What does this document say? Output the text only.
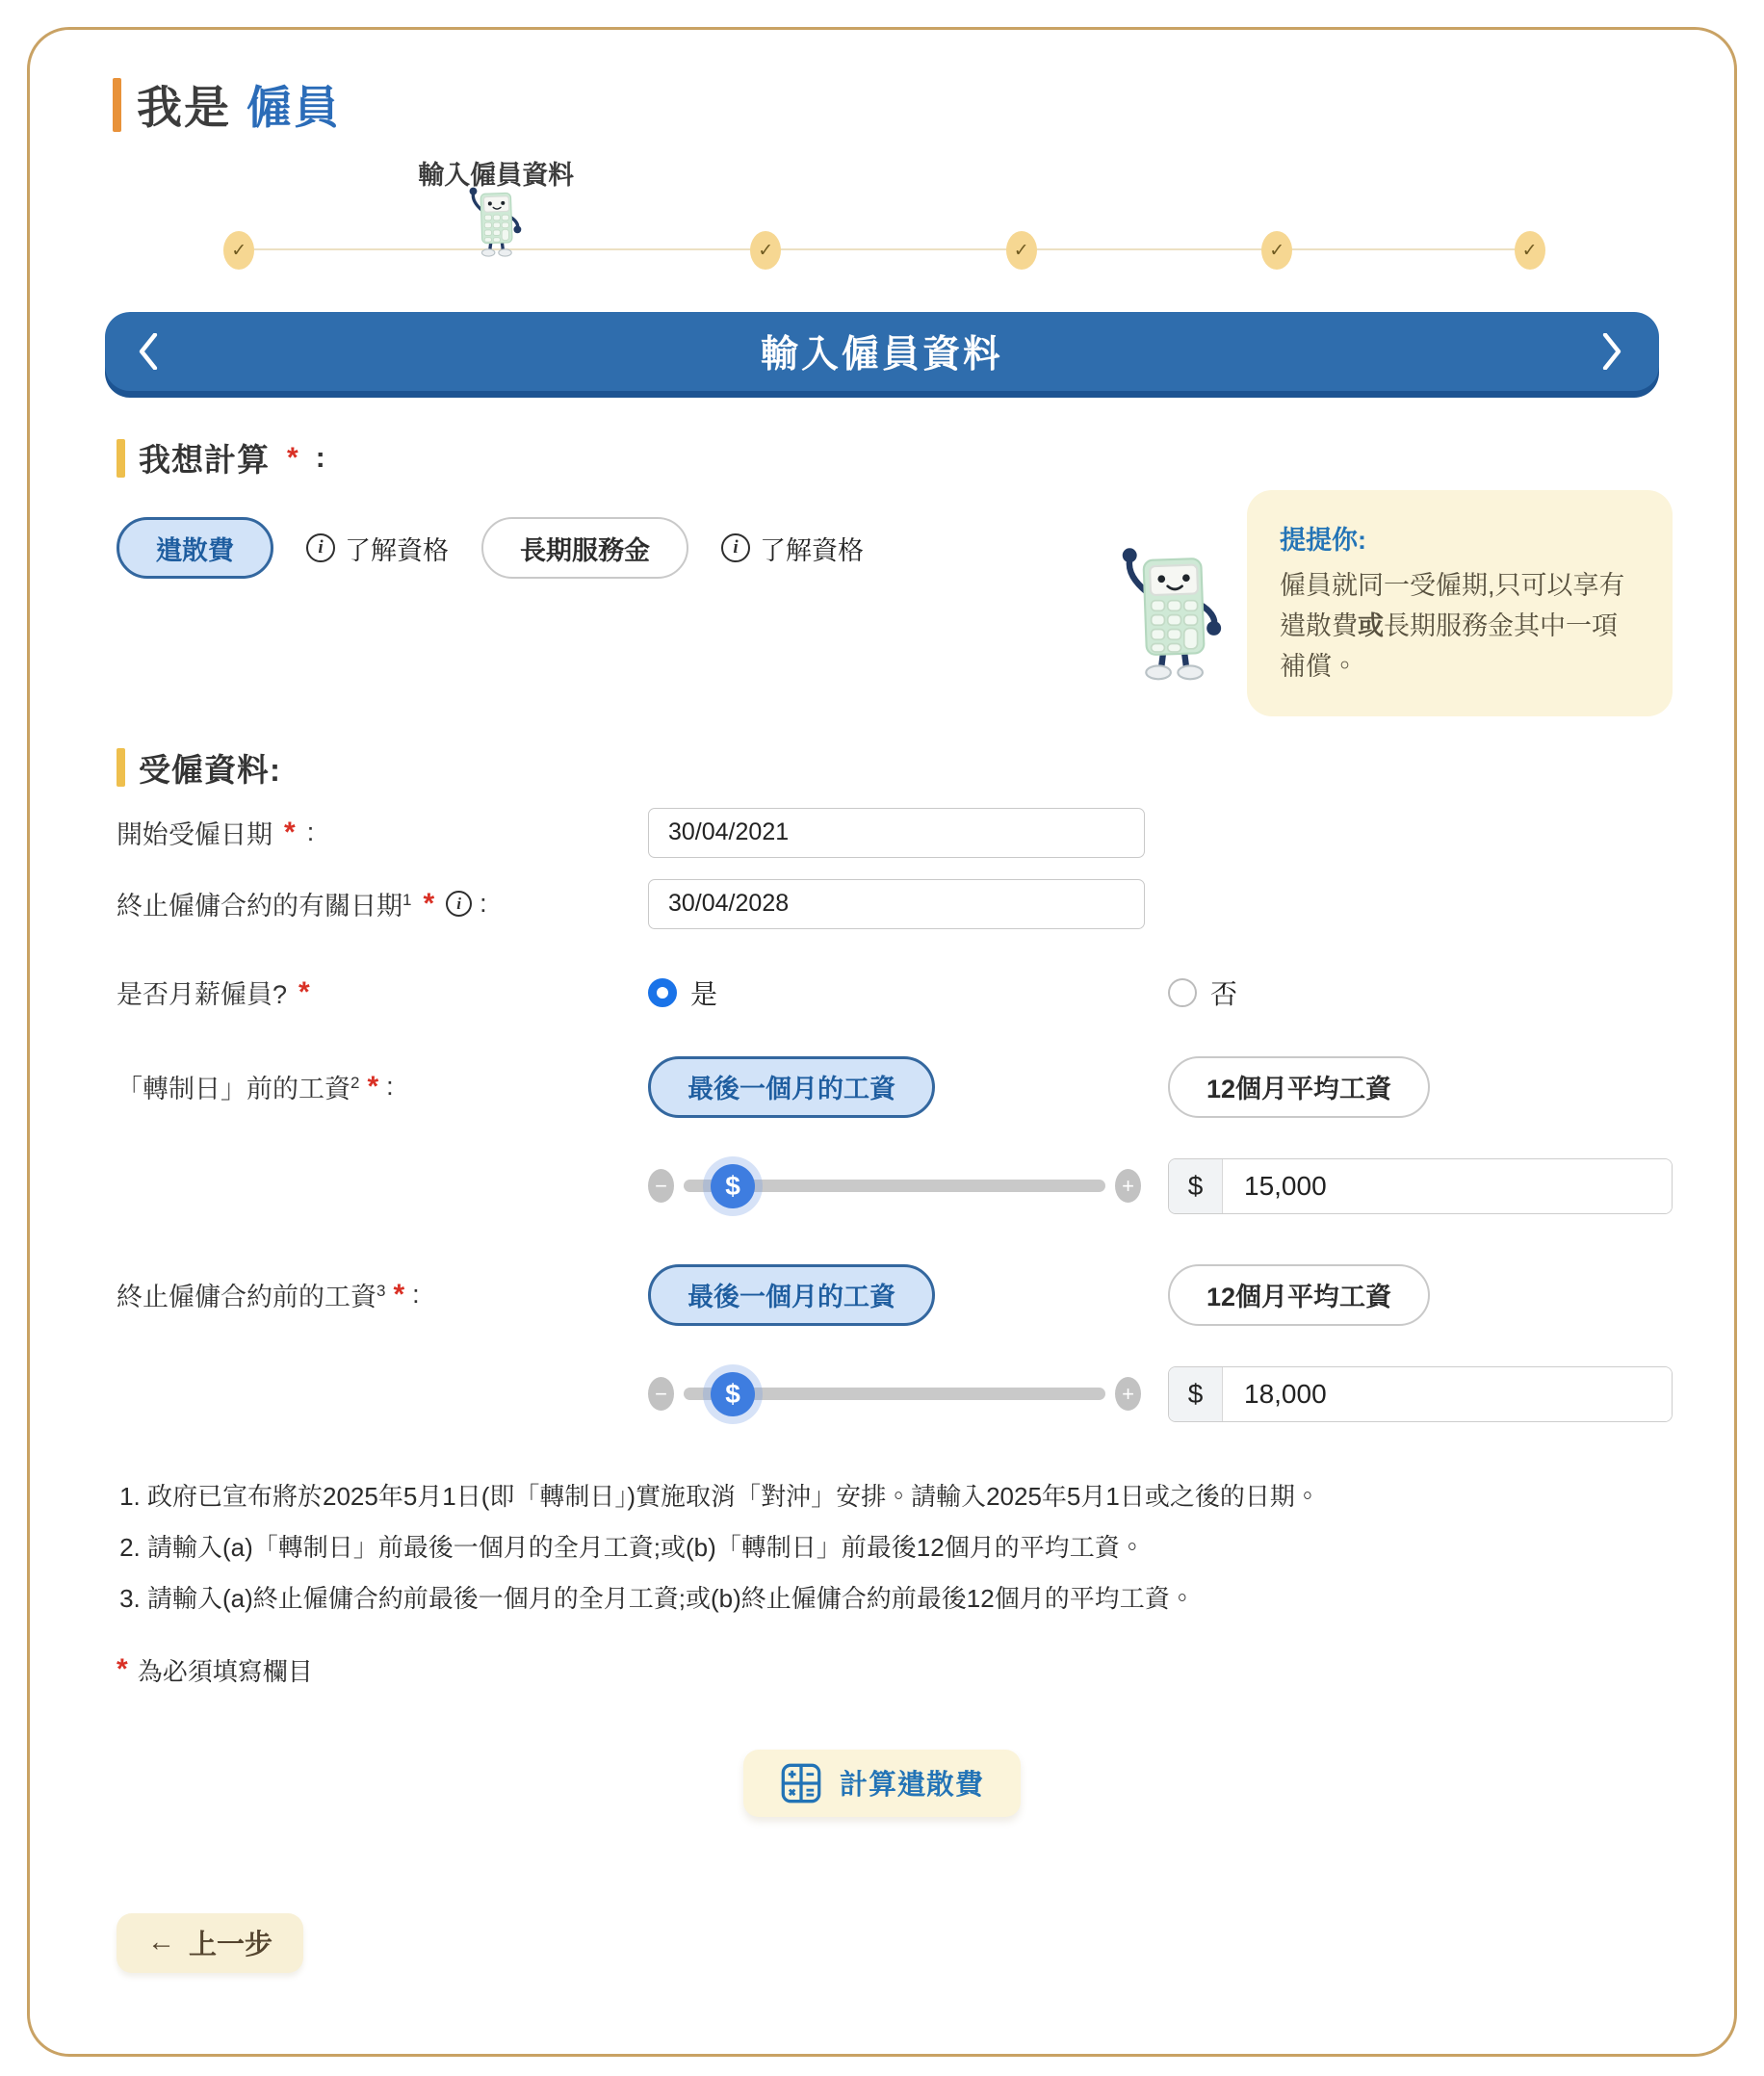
我是 僱員
輸入僱員資料
✓	✓	✓	✓	✓
輸入僱員資料
我想計算 * :
遣散費	i 了解資格	長期服務金	i 了解資格	提提你:
僱員就同一受僱期,只可以享有遣散費或長期服務金其中一項補償。
受僱資料:
開始受僱日期 * :
30/04/2021
終止僱傭合約的有關日期$^1$ *	i :
30/04/2028
是否月薪僱員? *	是	否
「轉制日」前的工資$^2$ * :	最後一個月的工資	12個月平均工資
−	$	+	$
15,000
終止僱傭合約前的工資$^3$ * :	最後一個月的工資	12個月平均工資
−	$	+	$
18,000
1. 政府已宣布將於2025年5月1日(即「轉制日」)實施取消「對沖」安排。請輸入2025年5月1日或之後的日期。
2. 請輸入(a)「轉制日」前最後一個月的全月工資;或(b)「轉制日」前最後12個月的平均工資。
3. 請輸入(a)終止僱傭合約前最後一個月的全月工資;或(b)終止僱傭合約前最後12個月的平均工資。
* 為必須填寫欄目
計算遣散費
← 上一步
